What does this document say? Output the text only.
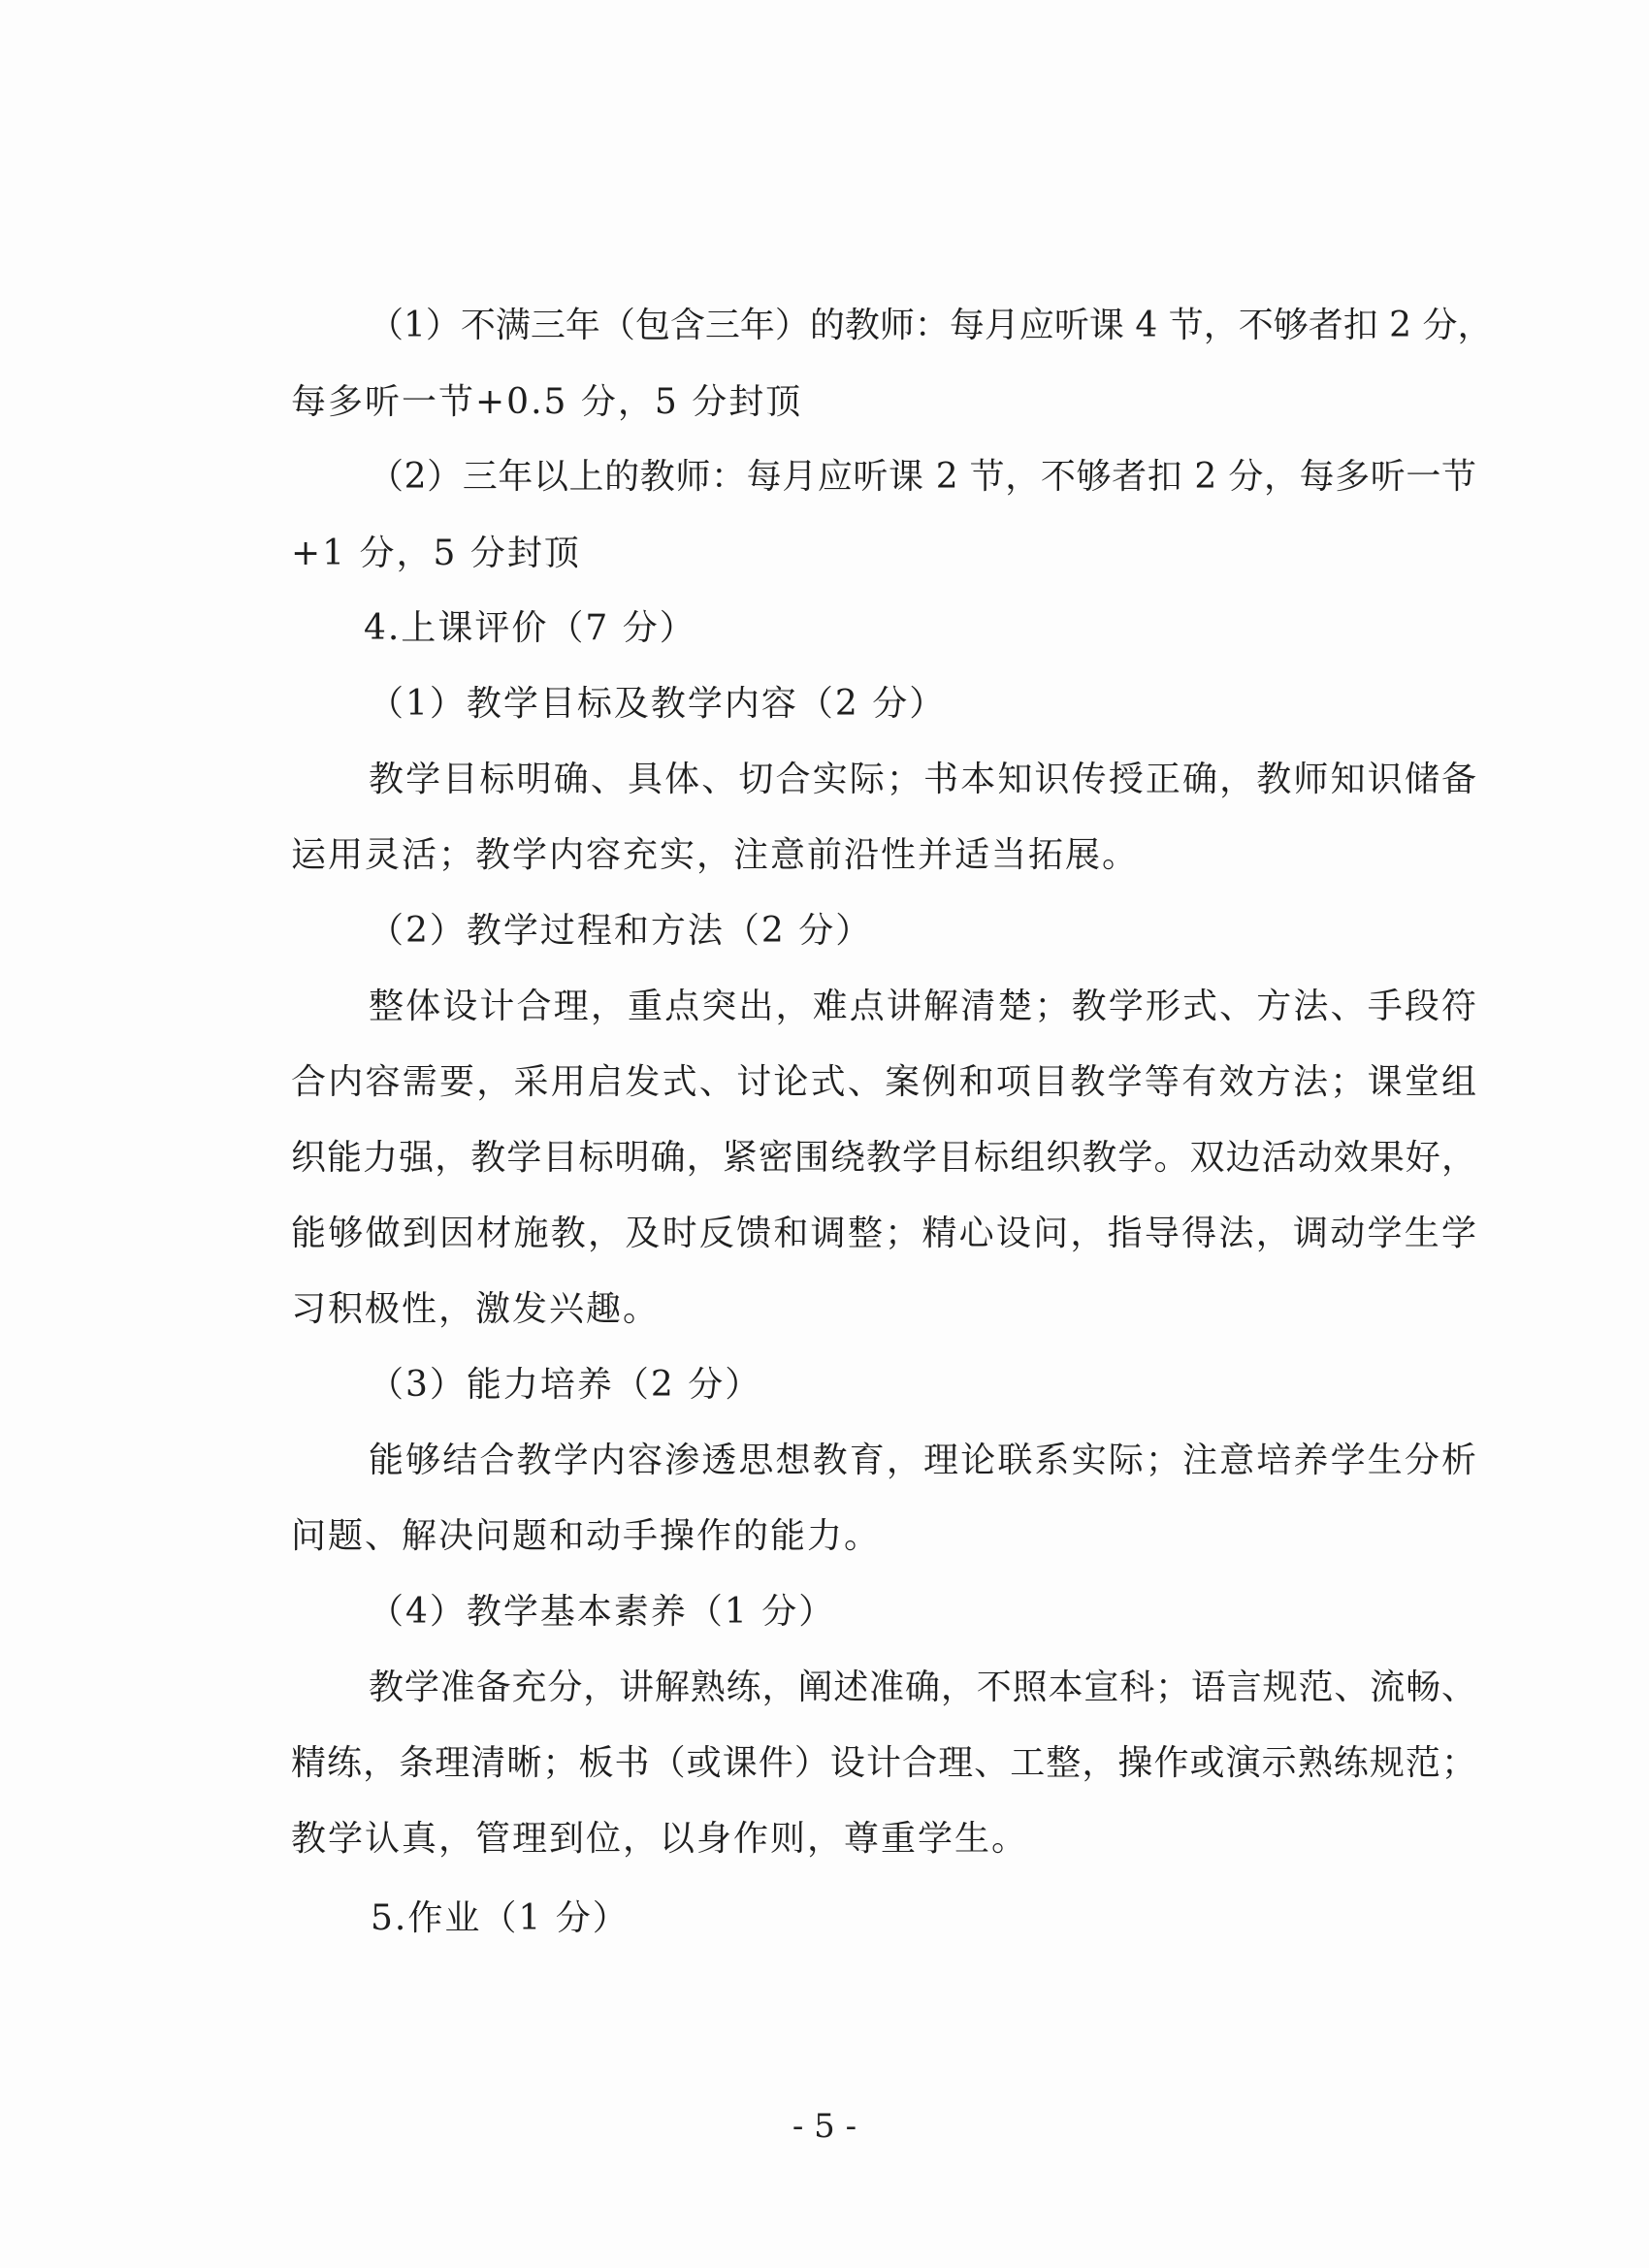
（1）不满三年（包含三年）的教师：每月应听课 4 节，不够者扣 2 分，
每多听一节+0.5 分，5 分封顶
（2）三年以上的教师：每月应听课 2 节，不够者扣 2 分，每多听一节
+1 分，5 分封顶
4.上课评价（7 分）
（1）教学目标及教学内容（2 分）
教学目标明确、具体、切合实际；书本知识传授正确，教师知识储备
运用灵活；教学内容充实，注意前沿性并适当拓展。
（2）教学过程和方法（2 分）
整体设计合理，重点突出，难点讲解清楚；教学形式、方法、手段符
合内容需要，采用启发式、讨论式、案例和项目教学等有效方法；课堂组
织能力强，教学目标明确，紧密围绕教学目标组织教学。双边活动效果好，
能够做到因材施教，及时反馈和调整；精心设问，指导得法，调动学生学
习积极性，激发兴趣。
（3）能力培养（2 分）
能够结合教学内容渗透思想教育，理论联系实际；注意培养学生分析
问题、解决问题和动手操作的能力。
（4）教学基本素养（1 分）
教学准备充分，讲解熟练，阐述准确，不照本宣科；语言规范、流畅、
精练，条理清晰；板书（或课件）设计合理、工整，操作或演示熟练规范；
教学认真，管理到位，以身作则，尊重学生。
5.作业（1 分）
- 5 -
